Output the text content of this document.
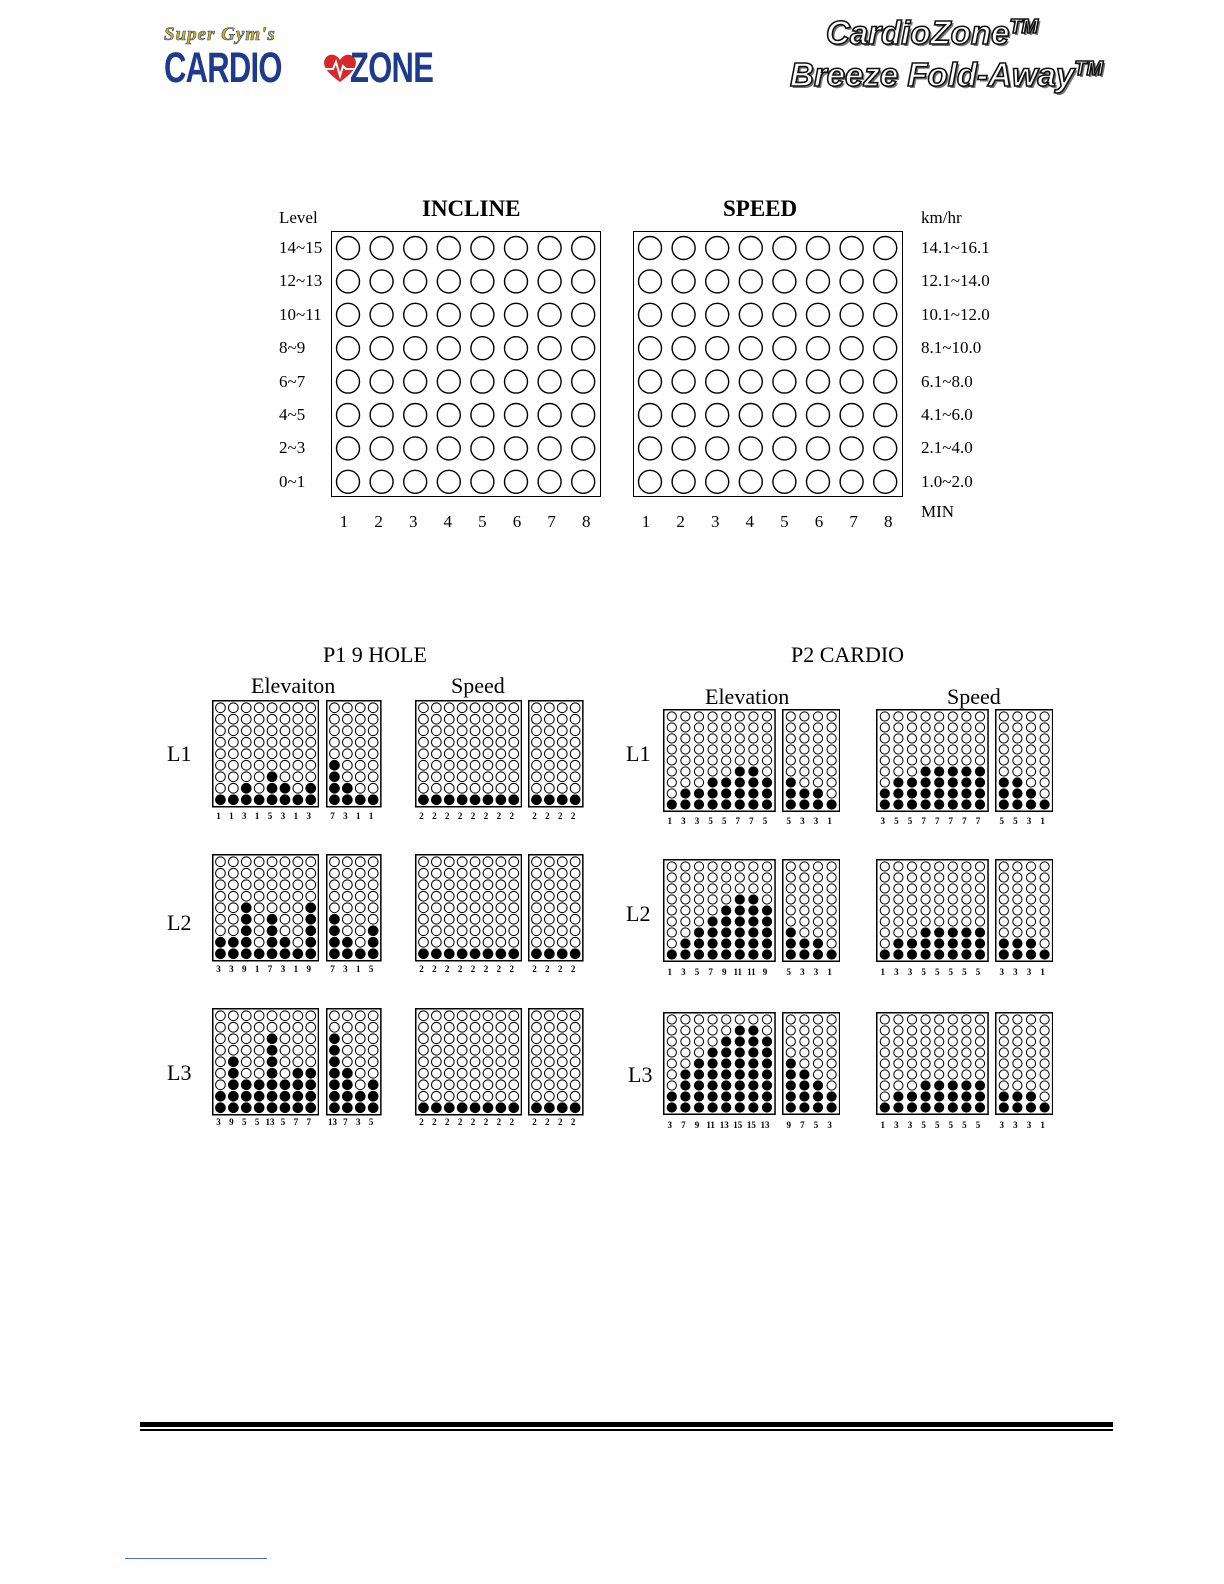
Super Gym's
CARDIO ZONE
CardioZone™
Breeze Fold-Away™
INCLINE	SPEED
Level	km/hr
MIN
14~15
12~13
10~11
8~9
6~7
4~5
2~3
0~1
14.1~16.1
12.1~14.0
10.1~12.0
8.1~10.0
6.1~8.0
4.1~6.0
2.1~4.0
1.0~2.0
1	2	3	4	5	6	7	8	1	2	3	4	5	6	7	8
P1 9 HOLE	P2 CARDIO
Elevaiton	Speed	Elevation	Speed
L1
L2
L3
L1
L2
L3
1 1 3 1 5 3 1 3	7 3 1 1
3 3 9 1 7 3 1 9	7 3 1 5
3 9 5 5 13 5 7 7	13 7 3 5
2 2 2 2 2 2 2 2	2 2 2 2
2 2 2 2 2 2 2 2	2 2 2 2
2 2 2 2 2 2 2 2	2 2 2 2
1	3	3	5	5	7	7	5	5	3	3	1
1	3	5	7	9 11 11 9	5	3	3	1
3	7	9 11 13 15 15 13	9	7	5	3
3	5	5	7	7	7	7	7	5	5	3	1
1	3	3	5	5	5	5	5	3	3	3	1
1	3	3	5	5	5	5	5	3	3	3	1
